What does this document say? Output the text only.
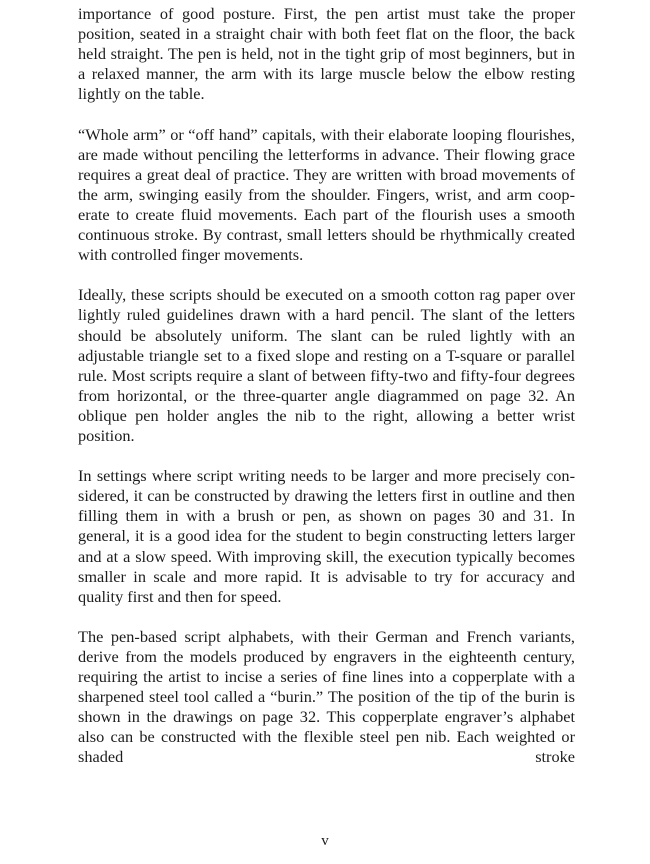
importance of good posture. First, the pen artist must take the proper position, seated in a straight chair with both feet flat on the floor, the back held straight. The pen is held, not in the tight grip of most beginners, but in a relaxed manner, the arm with its large muscle below the elbow resting lightly on the table.

“Whole arm” or “off hand” capitals, with their elaborate looping flourishes, are made without penciling the letterforms in advance. Their flowing grace requires a great deal of practice. They are written with broad movements of the arm, swinging easily from the shoulder. Fingers, wrist, and arm cooperate to create fluid movements. Each part of the flourish uses a smooth continuous stroke. By contrast, small letters should be rhythmically created with controlled finger movements.

Ideally, these scripts should be executed on a smooth cotton rag paper over lightly ruled guidelines drawn with a hard pencil. The slant of the letters should be absolutely uniform. The slant can be ruled lightly with an adjustable triangle set to a fixed slope and resting on a T-square or parallel rule. Most scripts require a slant of between fifty-two and fifty-four degrees from horizontal, or the three-quarter angle diagrammed on page 32. An oblique pen holder angles the nib to the right, allowing a better wrist position.

In settings where script writing needs to be larger and more precisely considered, it can be constructed by drawing the letters first in outline and then filling them in with a brush or pen, as shown on pages 30 and 31. In general, it is a good idea for the student to begin constructing letters larger and at a slow speed. With improving skill, the execution typically becomes smaller in scale and more rapid. It is advisable to try for accuracy and quality first and then for speed.

The pen-based script alphabets, with their German and French variants, derive from the models produced by engravers in the eighteenth century, requiring the artist to incise a series of fine lines into a copperplate with a sharpened steel tool called a “burin.” The position of the tip of the burin is shown in the drawings on page 32. This copperplate engraver’s alphabet also can be constructed with the flexible steel pen nib. Each weighted or shaded stroke

v
